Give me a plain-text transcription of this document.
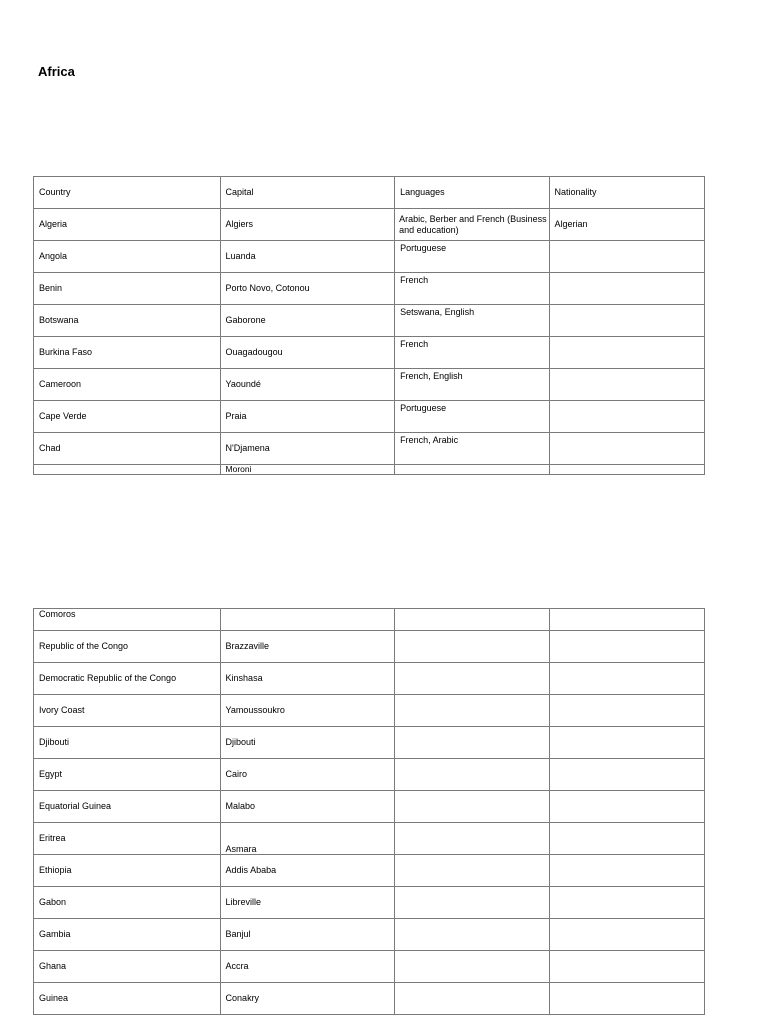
Africa
Country	Capital	Languages	Nationality
Algeria	Algiers	Arabic, Berber and French (Business and education)	Algerian
Angola	Luanda	Portuguese	
Benin	Porto Novo, Cotonou	French	
Botswana	Gaborone	Setswana, English	
Burkina Faso	Ouagadougou	French	
Cameroon	Yaoundé	French, English	
Cape Verde	Praia	Portuguese	
Chad	N'Djamena	French, Arabic	
	Moroni		
Comoros			
Republic of the Congo	Brazzaville		
Democratic Republic of the Congo	Kinshasa		
Ivory Coast	Yamoussoukro		
Djibouti	Djibouti		
Egypt	Cairo		
Equatorial Guinea	Malabo		
Eritrea	Asmara		
Ethiopia	Addis Ababa		
Gabon	Libreville		
Gambia	Banjul		
Ghana	Accra		
Guinea	Conakry		
